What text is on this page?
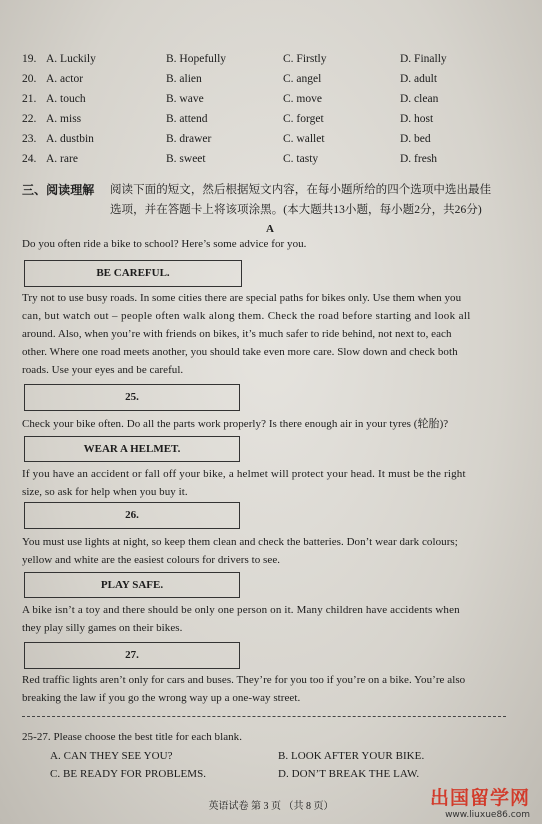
19. A. Luckily	B. Hopefully	C. Firstly	D. Finally
20. A. actor	B. alien	C. angel	D. adult
21. A. touch	B. wave	C. move	D. clean
22. A. miss	B. attend	C. forget	D. host
23. A. dustbin	B. drawer	C. wallet	D. bed
24. A. rare	B. sweet	C. tasty	D. fresh
三、阅读理解 阅读下面的短文，然后根据短文内容，在每小题所给的四个选项中选出最佳
选项，并在答题卡上将该项涂黑。(本大题共13小题，每小题2分，共26分)
A
Do you often ride a bike to school? Here’s some advice for you.
BE CAREFUL.
Try not to use busy roads. In some cities there are special paths for bikes only. Use them when you
can, but watch out – people often walk along them. Check the road before starting and look all
around. Also, when you’re with friends on bikes, it’s much safer to ride behind, not next to, each
other. Where one road meets another, you should take even more care. Slow down and check both
roads. Use your eyes and be careful.
25.
Check your bike often. Do all the parts work properly? Is there enough air in your tyres (轮胎)?
WEAR A HELMET.
If you have an accident or fall off your bike, a helmet will protect your head. It must be the right
size, so ask for help when you buy it.
26.
You must use lights at night, so keep them clean and check the batteries. Don’t wear dark colours;
yellow and white are the easiest colours for drivers to see.
PLAY SAFE.
A bike isn’t a toy and there should be only one person on it. Many children have accidents when
they play silly games on their bikes.
27.
Red traffic lights aren’t only for cars and buses. They’re for you too if you’re on a bike. You’re also
breaking the law if you go the wrong way up a one-way street.
25-27. Please choose the best title for each blank.
A. CAN THEY SEE YOU?	B. LOOK AFTER YOUR BIKE.
C. BE READY FOR PROBLEMS.	D. DON’T BREAK THE LAW.
英语试卷 第 3 页 （共 8 页）	出国留学网
www.liuxue86.com
